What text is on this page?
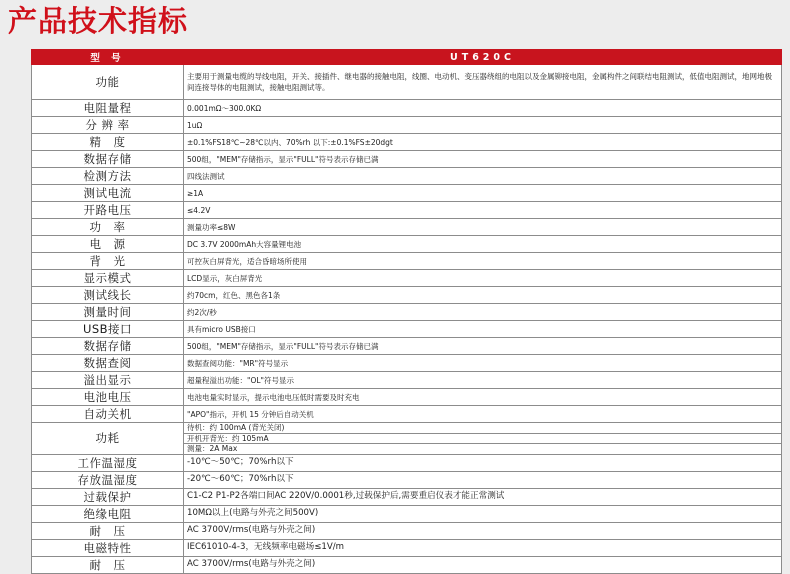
产品技术指标
型 号	UT620C
功能	主要用于测量电缆的导线电阻，开关、接插件、继电器的接触电阻，线圈、电动机、变压器绕组的电阻以及金属铆接电阻，金属构件之间联结电阻测试，低值电阻测试，地网地极间连接导体的电阻测试，接触电阻测试等。
电阻量程	0.001mΩ～300.0KΩ
分 辨 率	1uΩ
精　度	±0.1%FS18℃~28℃以内、70%rh 以下:±0.1%FS±20dgt
数据存储	500组，"MEM"存储指示，显示"FULL"符号表示存储已满
检测方法	四线法测试
测试电流	≥1A
开路电压	≤4.2V
功　率	测量功率≤8W
电　源	DC 3.7V 2000mAh大容量锂电池
背　光	可控灰白屏背光，适合昏暗场所使用
显示模式	LCD显示，灰白屏背光
测试线长	约70cm，红色、黑色各1条
测量时间	约2次/秒
USB接口	具有micro USB接口
数据存储	500组，"MEM"存储指示，显示"FULL"符号表示存储已满
数据查阅	数据查阅功能："MR"符号显示
溢出显示	超量程溢出功能："OL"符号显示
电池电压	电池电量实时显示，提示电池电压低时需要及时充电
自动关机	"APO"指示，开机 15 分钟后自动关机
功耗	待机：约 100mA (背光关闭)
开机开背光：约 105mA
测量：2A Max

工作温湿度	-10℃～50℃；70%rh以下
存放温湿度	-20℃～60℃；70%rh以下
过载保护	C1-C2 P1-P2各端口间AC 220V/0.0001秒,过载保护后,需要重启仪表才能正常测试
绝缘电阻	10MΩ以上(电路与外壳之间500V)
耐　压	AC 3700V/rms(电路与外壳之间)
电磁特性	IEC61010-4-3，无线频率电磁场≤1V/m
耐　压	AC 3700V/rms(电路与外壳之间)
